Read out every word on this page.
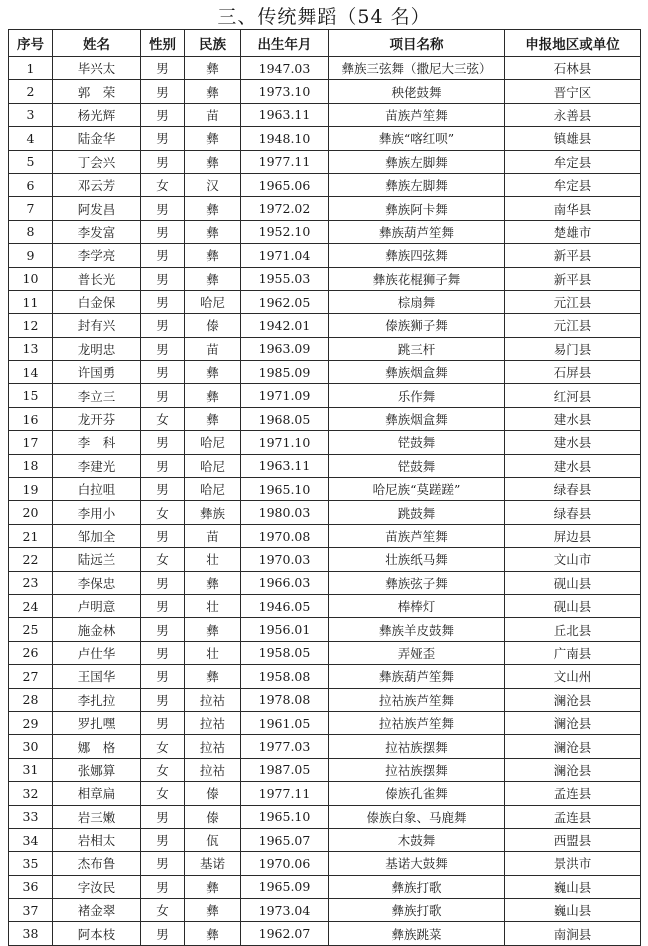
三、传统舞蹈（54 名）
序号	姓名	性别	民族	出生年月	项目名称	申报地区或单位
1	毕兴太	男	彝	1947.03	彝族三弦舞（撒尼大三弦）	石林县
2	郭　荣	男	彝	1973.10	秧佬鼓舞	晋宁区
3	杨光辉	男	苗	1963.11	苗族芦笙舞	永善县
4	陆金华	男	彝	1948.10	彝族“喀红呗”	镇雄县
5	丁会兴	男	彝	1977.11	彝族左脚舞	牟定县
6	邓云芳	女	汉	1965.06	彝族左脚舞	牟定县
7	阿发昌	男	彝	1972.02	彝族阿卡舞	南华县
8	李发富	男	彝	1952.10	彝族葫芦笙舞	楚雄市
9	李学亮	男	彝	1971.04	彝族四弦舞	新平县
10	普长光	男	彝	1955.03	彝族花棍狮子舞	新平县
11	白金保	男	哈尼	1962.05	棕扇舞	元江县
12	封有兴	男	傣	1942.01	傣族狮子舞	元江县
13	龙明忠	男	苗	1963.09	跳三杆	易门县
14	许国勇	男	彝	1985.09	彝族烟盒舞	石屏县
15	李立三	男	彝	1971.09	乐作舞	红河县
16	龙开芬	女	彝	1968.05	彝族烟盒舞	建水县
17	李　科	男	哈尼	1971.10	铓鼓舞	建水县
18	李建光	男	哈尼	1963.11	铓鼓舞	建水县
19	白拉咀	男	哈尼	1965.10	哈尼族“莫蹉蹉”	绿春县
20	李用小	女	彝族	1980.03	跳鼓舞	绿春县
21	邹加全	男	苗	1970.08	苗族芦笙舞	屏边县
22	陆远兰	女	壮	1970.03	壮族纸马舞	文山市
23	李保忠	男	彝	1966.03	彝族弦子舞	砚山县
24	卢明意	男	壮	1946.05	棒棒灯	砚山县
25	施金林	男	彝	1956.01	彝族羊皮鼓舞	丘北县
26	卢仕华	男	壮	1958.05	弄娅歪	广南县
27	王国华	男	彝	1958.08	彝族葫芦笙舞	文山州
28	李扎拉	男	拉祜	1978.08	拉祜族芦笙舞	澜沧县
29	罗扎嘿	男	拉祜	1961.05	拉祜族芦笙舞	澜沧县
30	娜　格	女	拉祜	1977.03	拉祜族摆舞	澜沧县
31	张娜算	女	拉祜	1987.05	拉祜族摆舞	澜沧县
32	相章扁	女	傣	1977.11	傣族孔雀舞	孟连县
33	岩三嫩	男	傣	1965.10	傣族白象、马鹿舞	孟连县
34	岩相太	男	佤	1965.07	木鼓舞	西盟县
35	杰布鲁	男	基诺	1970.06	基诺大鼓舞	景洪市
36	字汝民	男	彝	1965.09	彝族打歌	巍山县
37	褚金翠	女	彝	1973.04	彝族打歌	巍山县
38	阿本枝	男	彝	1962.07	彝族跳菜	南涧县
